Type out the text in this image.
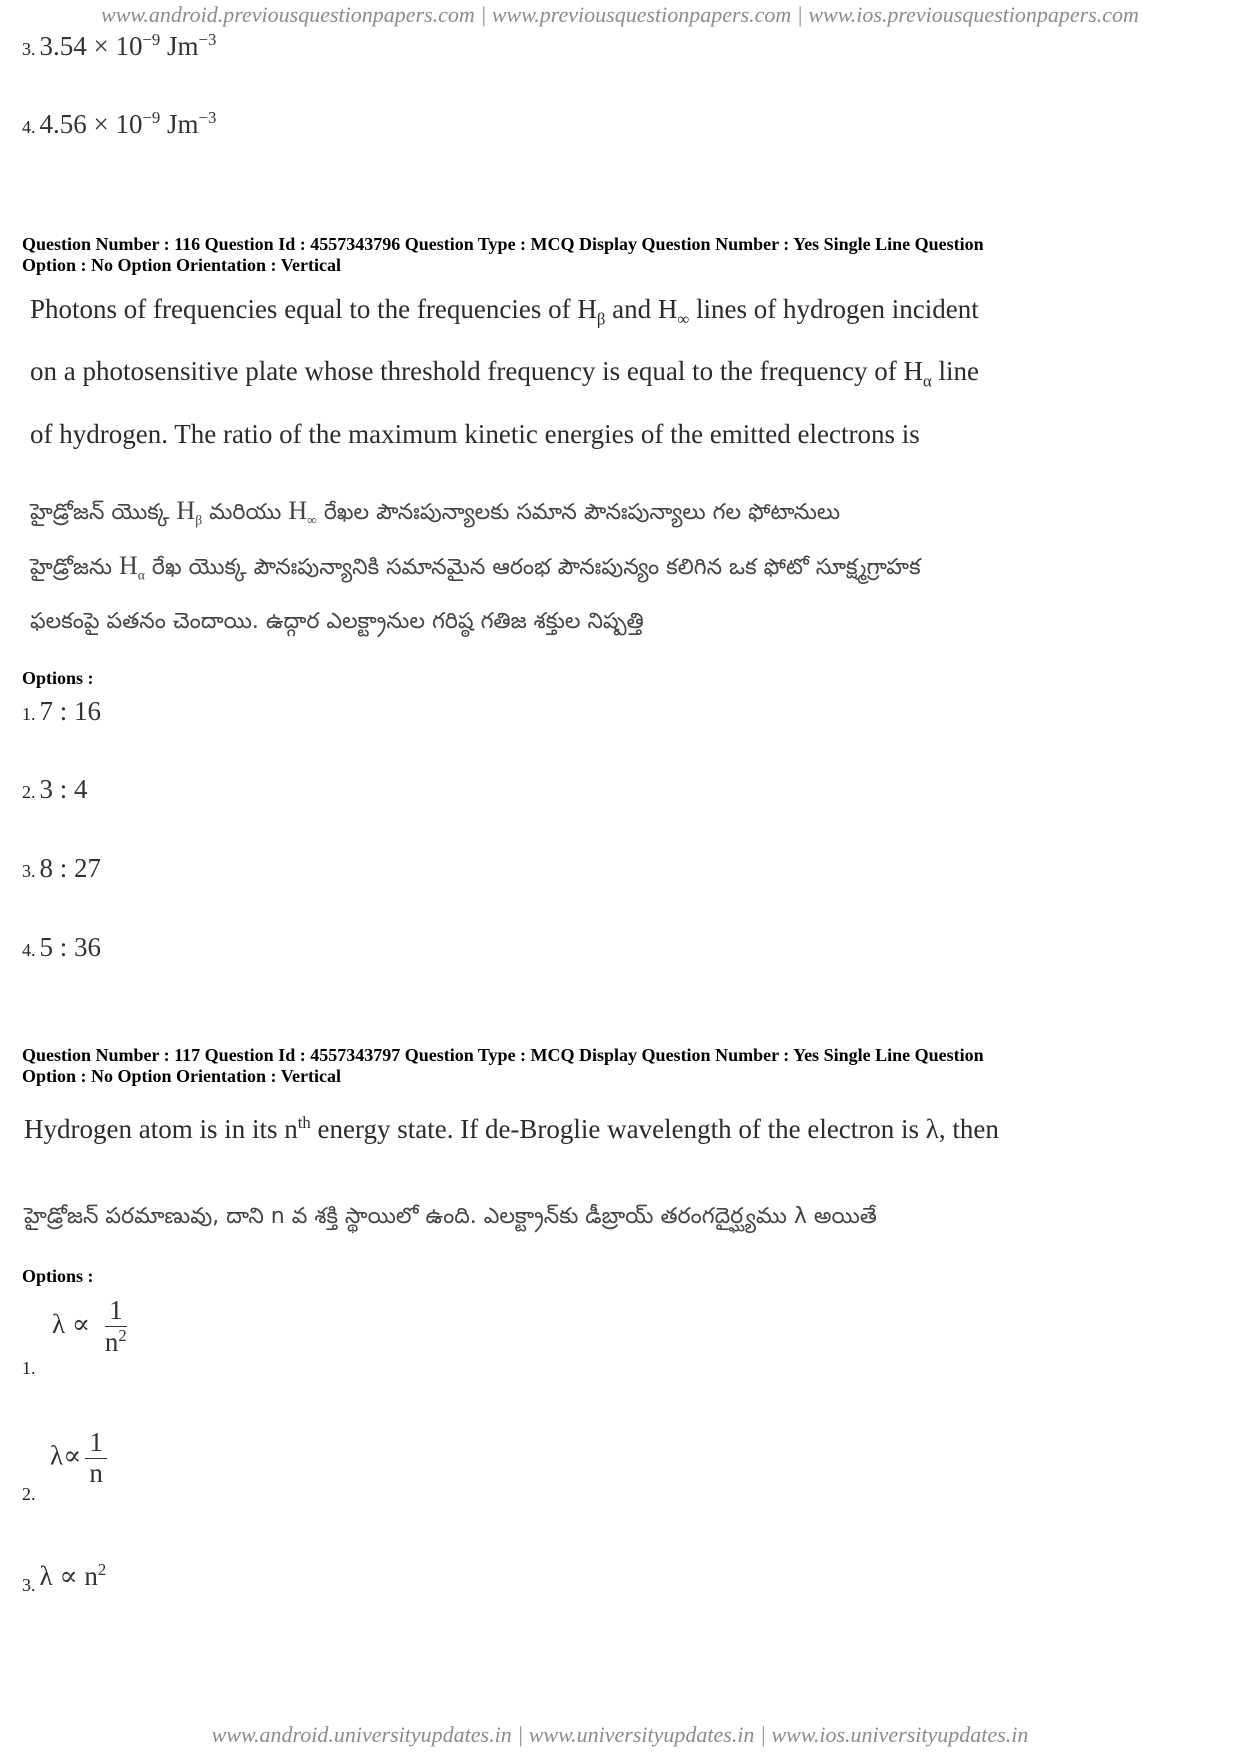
www.android.previousquestionpapers.com | www.previousquestionpapers.com | www.ios.previousquestionpapers.com
3. $3.54 \times 10^{-9}$ $Jm^{-3}$
4. $4.56 \times 10^{-9}$ $Jm^{-3}$
Question Number : 116 Question Id : 4557343796 Question Type : MCQ Display Question Number : Yes Single Line Question
Option : No Option Orientation : Vertical
Photons of frequencies equal to the frequencies of $H_\beta$ and $H_\infty$ lines of hydrogen incident
on a photosensitive plate whose threshold frequency is equal to the frequency of $H_\alpha$ line
of hydrogen. The ratio of the maximum kinetic energies of the emitted electrons is
హైడ్రోజన్ యొక్క $H_\beta$ మరియు $H_\infty$ రేఖల పౌనఃపున్యాలకు సమాన పౌనఃపున్యాలు గల ఫోటానులు
హైడ్రోజను $H_\alpha$ రేఖ యొక్క పౌనఃపున్యానికి సమానమైన ఆరంభ పౌనఃపున్యం కలిగిన ఒక ఫోటో సూక్ష్మగ్రాహక
ఫలకంపై పతనం చెందాయి. ఉద్గార ఎలక్ట్రానుల గరిష్ఠ గతిజ శక్తుల నిష్పత్తి
Options :
1. 7 : 16
2. 3 : 4
3. 8 : 27
4. 5 : 36
Question Number : 117 Question Id : 4557343797 Question Type : MCQ Display Question Number : Yes Single Line Question
Option : No Option Orientation : Vertical
Hydrogen atom is in its $n^{th}$ energy state. If de-Broglie wavelength of the electron is λ, then
హైడ్రోజన్ పరమాణువు, దాని n వ శక్తి స్థాయిలో ఉంది. ఎలక్ట్రాన్‌కు డీబ్రాయ్ తరంగదైర్ఘ్యము λ అయితే
Options :
1.
$\lambda \propto \frac{1}{n^2}$
2.
$\lambda\propto \frac{1}{n}$
3. $\lambda \propto n^2$
www.android.universityupdates.in | www.universityupdates.in | www.ios.universityupdates.in
